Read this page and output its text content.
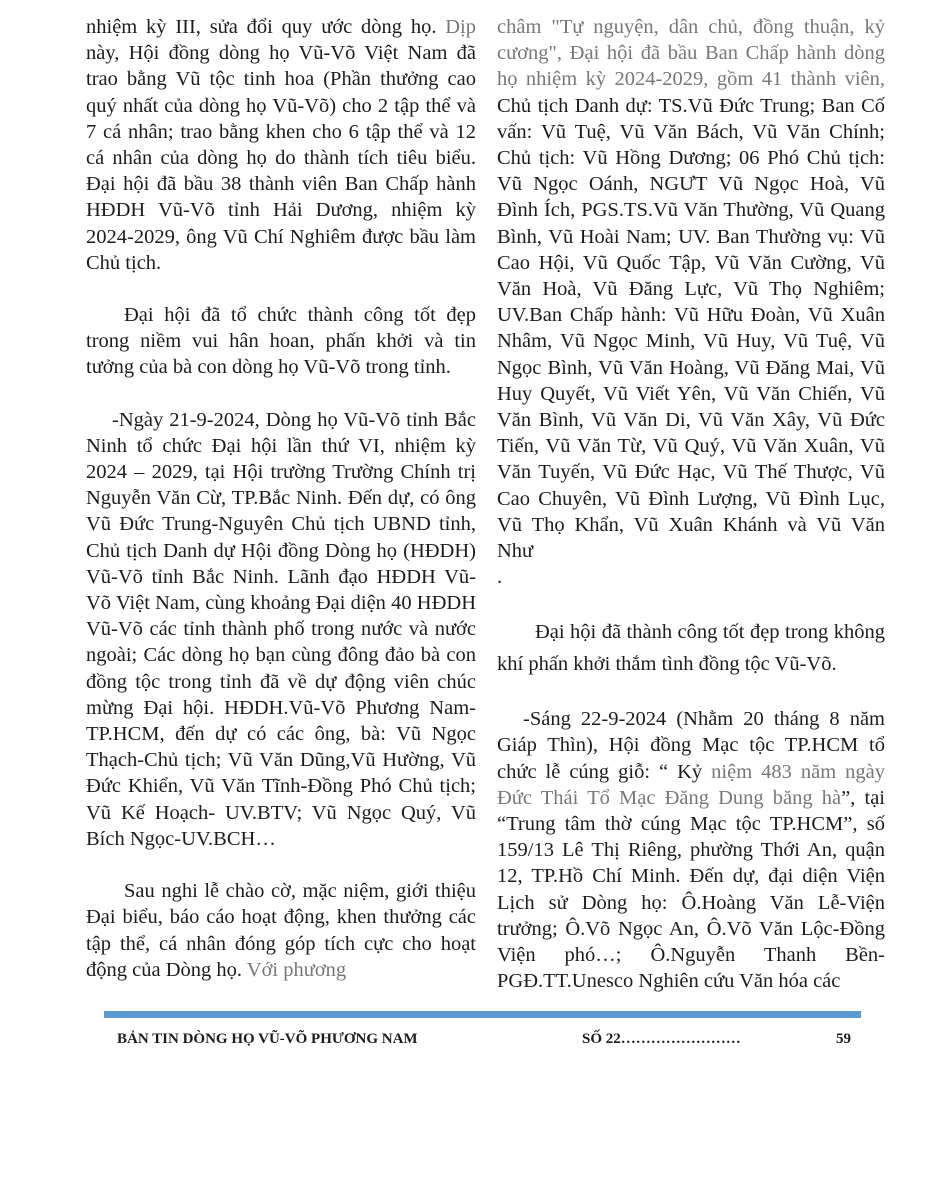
nhiệm kỳ III, sửa đổi quy ước dòng họ. Dịp này, Hội đồng dòng họ Vũ-Võ Việt Nam đã trao bằng Vũ tộc tinh hoa (Phần thưởng cao quý nhất của dòng họ Vũ-Võ) cho 2 tập thể và 7 cá nhân; trao bằng khen cho 6 tập thể và 12 cá nhân của dòng họ do thành tích tiêu biểu. Đại hội đã bầu 38 thành viên Ban Chấp hành HĐDH Vũ-Võ tỉnh Hải Dương, nhiệm kỳ 2024-2029, ông Vũ Chí Nghiêm được bầu làm Chủ tịch.

Đại hội đã tổ chức thành công tốt đẹp trong niềm vui hân hoan, phấn khởi và tin tưởng của bà con dòng họ Vũ-Võ trong tỉnh.

-Ngày 21-9-2024, Dòng họ Vũ-Võ tỉnh Bắc Ninh tổ chức Đại hội lần thứ VI, nhiệm kỳ 2024 – 2029, tại Hội trường Trường Chính trị Nguyễn Văn Cừ, TP.Bắc Ninh. Đến dự, có ông Vũ Đức Trung-Nguyên Chủ tịch UBND tỉnh, Chủ tịch Danh dự Hội đồng Dòng họ (HĐDH) Vũ-Võ tỉnh Bắc Ninh. Lãnh đạo HĐDH Vũ-Võ Việt Nam, cùng khoảng Đại diện 40 HĐDH Vũ-Võ các tỉnh thành phố trong nước và nước ngoài; Các dòng họ bạn cùng đông đảo bà con đồng tộc trong tỉnh đã về dự động viên chúc mừng Đại hội. HĐDH.Vũ-Võ Phương Nam-TP.HCM, đến dự có các ông, bà: Vũ Ngọc Thạch-Chủ tịch; Vũ Văn Dũng,Vũ Hường, Vũ Đức Khiển, Vũ Văn Tĩnh-Đồng Phó Chủ tịch; Vũ Kế Hoạch- UV.BTV; Vũ Ngọc Quý, Vũ Bích Ngọc-UV.BCH…

Sau nghi lễ chào cờ, mặc niệm, giới thiệu Đại biểu, báo cáo hoạt động, khen thưởng các tập thể, cá nhân đóng góp tích cực cho hoạt động của Dòng họ. Với phương

châm "Tự nguyện, dân chủ, đồng thuận, kỷ cương", Đại hội đã bầu Ban Chấp hành dòng họ nhiệm kỳ 2024-2029, gồm 41 thành viên, Chủ tịch Danh dự: TS.Vũ Đức Trung; Ban Cố vấn: Vũ Tuệ, Vũ Văn Bách, Vũ Văn Chính; Chủ tịch: Vũ Hồng Dương; 06 Phó Chủ tịch: Vũ Ngọc Oánh, NGƯT Vũ Ngọc Hoà, Vũ Đình Ích, PGS.TS.Vũ Văn Thường, Vũ Quang Bình, Vũ Hoài Nam; UV. Ban Thường vụ: Vũ Cao Hội, Vũ Quốc Tập, Vũ Văn Cường, Vũ Văn Hoà, Vũ Đăng Lực, Vũ Thọ Nghiêm; UV.Ban Chấp hành: Vũ Hữu Đoàn, Vũ Xuân Nhâm, Vũ Ngọc Minh, Vũ Huy, Vũ Tuệ, Vũ Ngọc Bình, Vũ Văn Hoàng, Vũ Đăng Mai, Vũ Huy Quyết, Vũ Viết Yên, Vũ Văn Chiến, Vũ Văn Bình, Vũ Văn Di, Vũ Văn Xây, Vũ Đức Tiến, Vũ Văn Từ, Vũ Quý, Vũ Văn Xuân, Vũ Văn Tuyến, Vũ Đức Hạc, Vũ Thế Thược, Vũ Cao Chuyên, Vũ Đình Lượng, Vũ Đình Lục, Vũ Thọ Khẩn, Vũ Xuân Khánh và Vũ Văn Như

.

Đại hội đã thành công tốt đẹp trong không khí phấn khởi thắm tình đồng tộc Vũ-Võ.

-Sáng 22-9-2024 (Nhằm 20 tháng 8 năm Giáp Thìn), Hội đồng Mạc tộc TP.HCM tổ chức lễ cúng giỗ: “ Kỷ niệm 483 năm ngày Đức Thái Tổ Mạc Đăng Dung băng hà”, tại “Trung tâm thờ cúng Mạc tộc TP.HCM”, số 159/13 Lê Thị Riêng, phường Thới An, quận 12, TP.Hồ Chí Minh. Đến dự, đại diện Viện Lịch sử Dòng họ: Ô.Hoàng Văn Lễ-Viện trưởng; Ô.Võ Ngọc An, Ô.Võ Văn Lộc-Đồng Viện phó…; Ô.Nguyễn Thanh Bền-PGĐ.TT.Unesco Nghiên cứu Văn hóa các

BẢN TIN DÒNG HỌ VŨ-VÕ PHƯƠNG NAM	SỐ 22……………………	59
